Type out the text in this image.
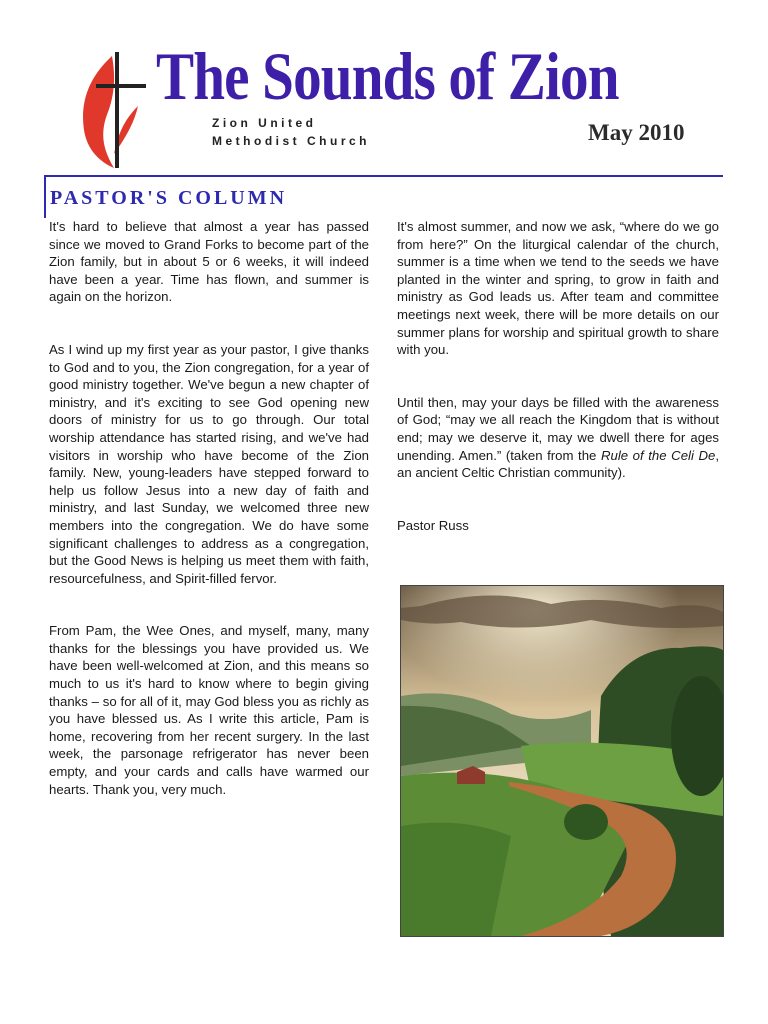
The Sounds of Zion
Zion United
Methodist Church	May 2010
PASTOR'S COLUMN

It's hard to believe that almost a year has passed since we moved to Grand Forks to become part of the Zion family, but in about 5 or 6 weeks, it will indeed have been a year. Time has flown, and summer is again on the horizon.

As I wind up my first year as your pastor, I give thanks to God and to you, the Zion congregation, for a year of good ministry together. We've begun a new chapter of ministry, and it's exciting to see God opening new doors of ministry for us to go through. Our total worship attendance has started rising, and we've had visitors in worship who have become of the Zion family. New, young-leaders have stepped forward to help us follow Jesus into a new day of faith and ministry, and last Sunday, we welcomed three new members into the congregation. We do have some significant challenges to address as a congregation, but the Good News is helping us meet them with faith, resourcefulness, and Spirit-filled fervor.

From Pam, the Wee Ones, and myself, many, many thanks for the blessings you have provided us. We have been well-welcomed at Zion, and this means so much to us it's hard to know where to begin giving thanks – so for all of it, may God bless you as richly as you have blessed us. As I write this article, Pam is home, recovering from her recent surgery. In the last week, the parsonage refrigerator has never been empty, and your cards and calls have warmed our hearts. Thank you, very much.

It's almost summer, and now we ask, “where do we go from here?” On the liturgical calendar of the church, summer is a time when we tend to the seeds we have planted in the winter and spring, to grow in faith and ministry as God leads us. After team and committee meetings next week, there will be more details on our summer plans for worship and spiritual growth to share with you.

Until then, may your days be filled with the awareness of God; “may we all reach the Kingdom that is without end; may we deserve it, may we dwell there for ages unending. Amen.” (taken from the Rule of the Celi De, an ancient Celtic Christian community).

Pastor Russ
